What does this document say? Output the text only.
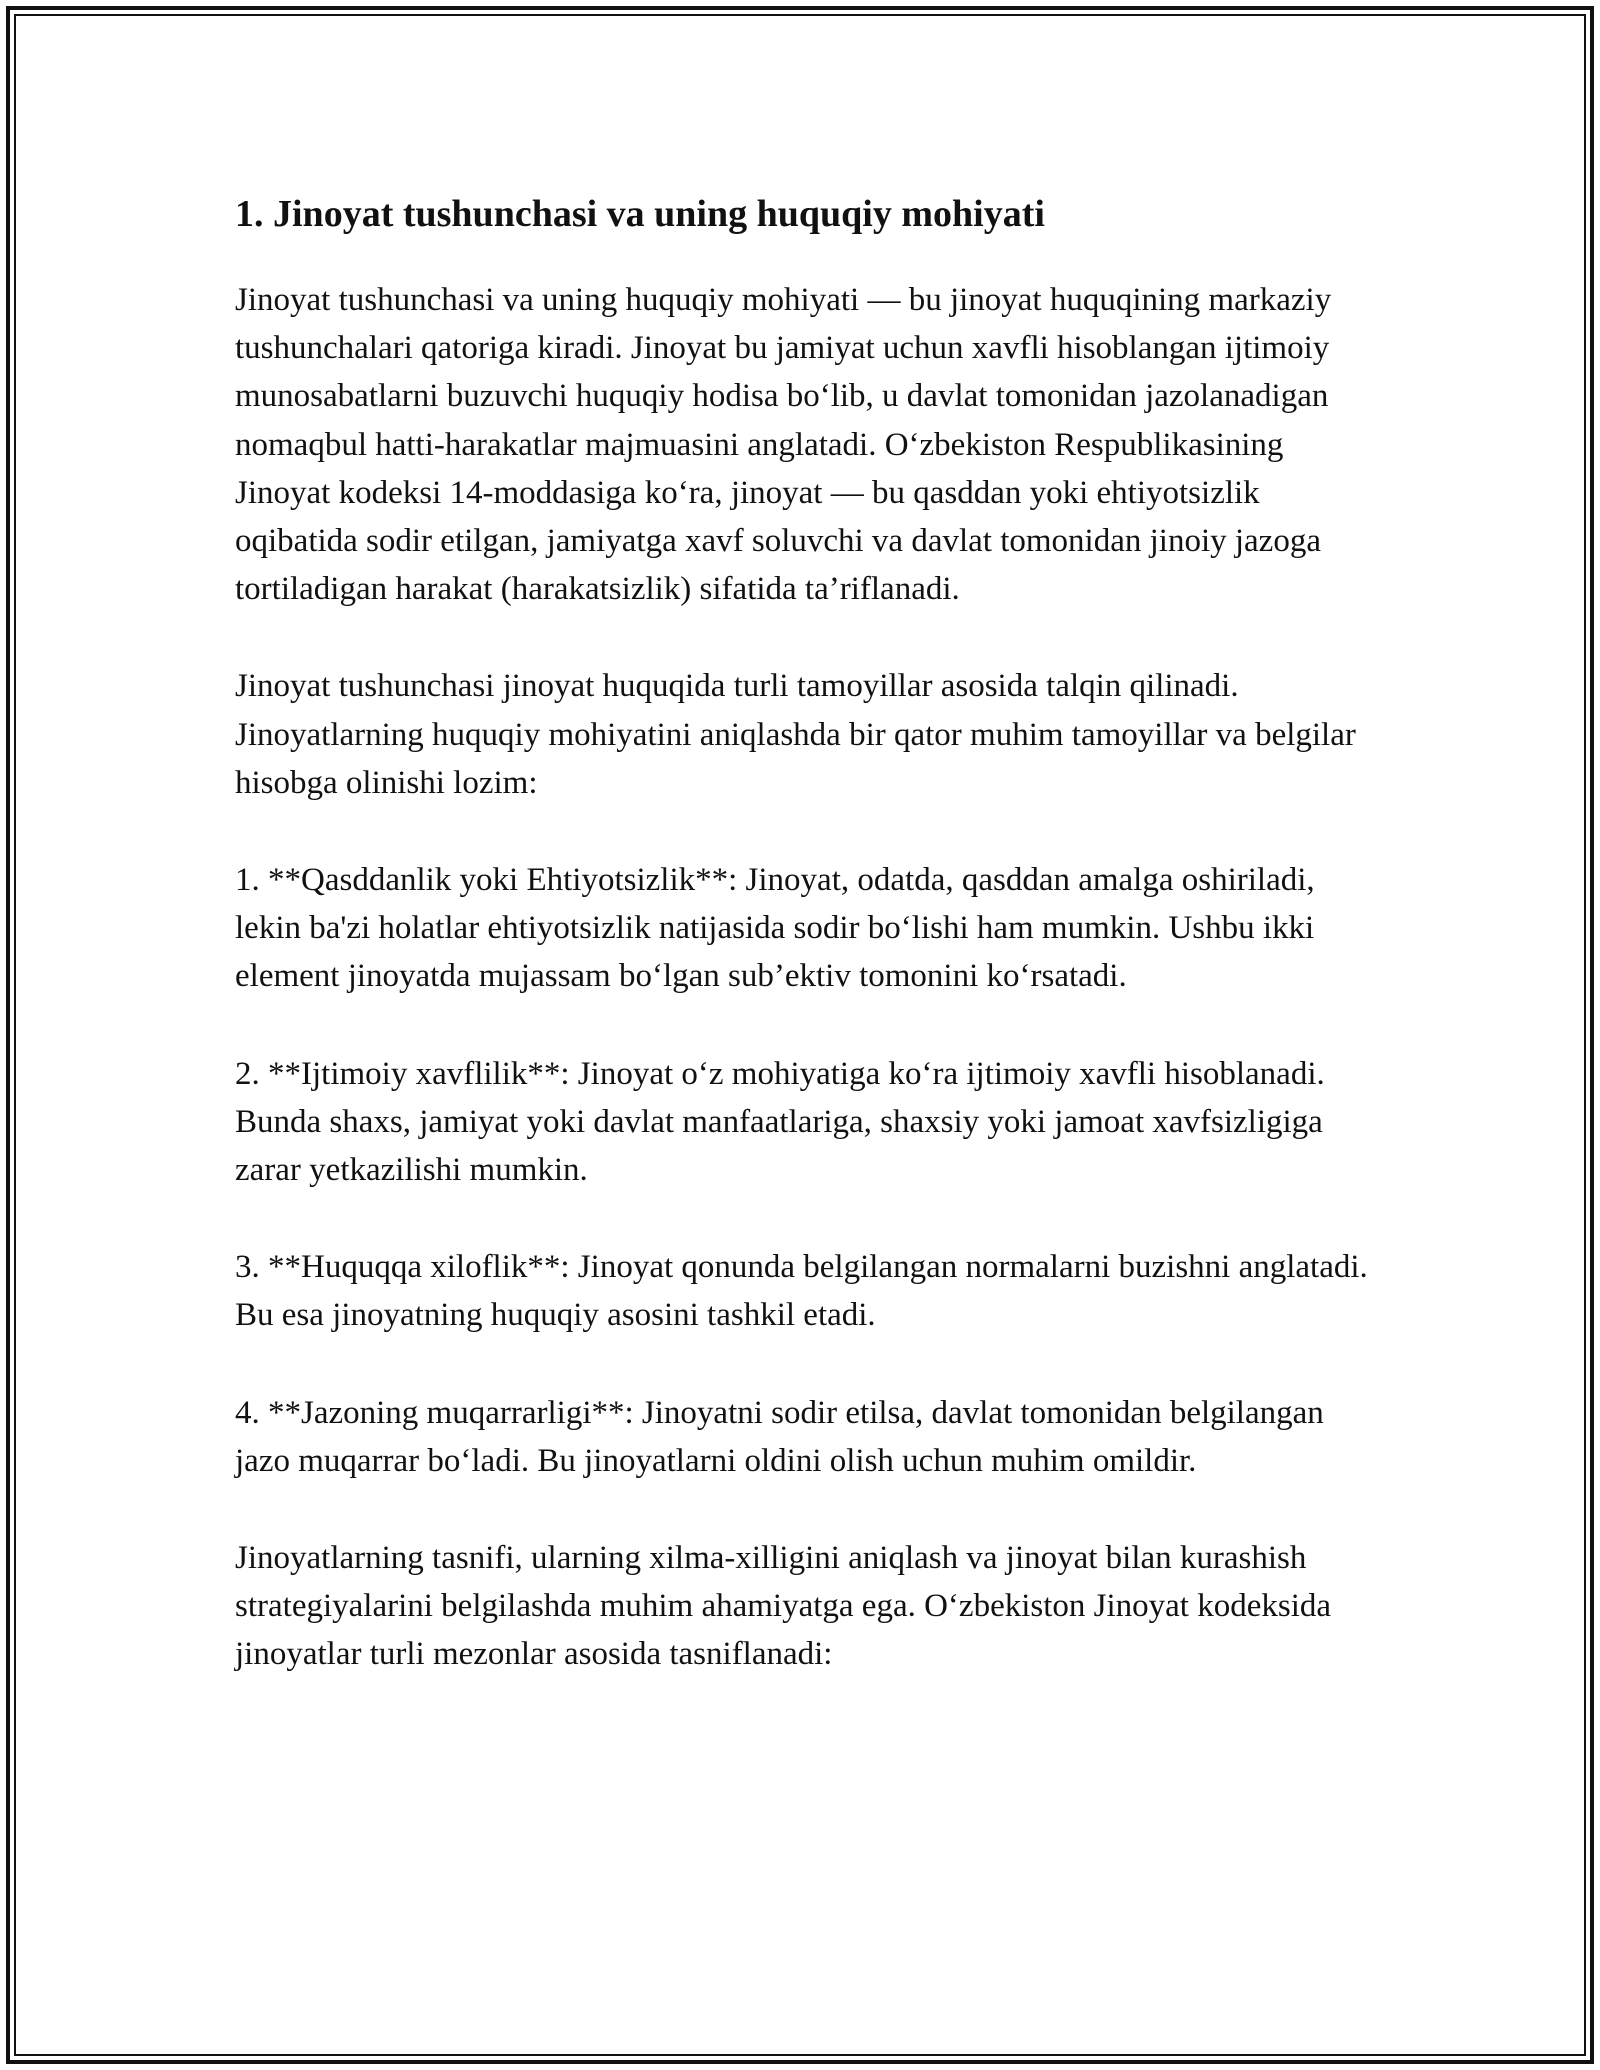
1. Jinoyat tushunchasi va uning huquqiy mohiyati

Jinoyat tushunchasi va uning huquqiy mohiyati — bu jinoyat huquqining markaziy tushunchalari qatoriga kiradi. Jinoyat bu jamiyat uchun xavfli hisoblangan ijtimoiy munosabatlarni buzuvchi huquqiy hodisa bo‘lib, u davlat tomonidan jazolanadigan nomaqbul hatti-harakatlar majmuasini anglatadi. O‘zbekiston Respublikasining Jinoyat kodeksi 14-moddasiga ko‘ra, jinoyat — bu qasddan yoki ehtiyotsizlik oqibatida sodir etilgan, jamiyatga xavf soluvchi va davlat tomonidan jinoiy jazoga tortiladigan harakat (harakatsizlik) sifatida ta’riflanadi.

Jinoyat tushunchasi jinoyat huquqida turli tamoyillar asosida talqin qilinadi. Jinoyatlarning huquqiy mohiyatini aniqlashda bir qator muhim tamoyillar va belgilar hisobga olinishi lozim:

1. **Qasddanlik yoki Ehtiyotsizlik**: Jinoyat, odatda, qasddan amalga oshiriladi, lekin ba'zi holatlar ehtiyotsizlik natijasida sodir bo‘lishi ham mumkin. Ushbu ikki element jinoyatda mujassam bo‘lgan sub’ektiv tomonini ko‘rsatadi.

2. **Ijtimoiy xavflilik**: Jinoyat o‘z mohiyatiga ko‘ra ijtimoiy xavfli hisoblanadi. Bunda shaxs, jamiyat yoki davlat manfaatlariga, shaxsiy yoki jamoat xavfsizligiga zarar yetkazilishi mumkin.

3. **Huquqqa xiloflik**: Jinoyat qonunda belgilangan normalarni buzishni anglatadi. Bu esa jinoyatning huquqiy asosini tashkil etadi.

4. **Jazoning muqarrarligi**: Jinoyatni sodir etilsa, davlat tomonidan belgilangan jazo muqarrar bo‘ladi. Bu jinoyatlarni oldini olish uchun muhim omildir.

Jinoyatlarning tasnifi, ularning xilma-xilligini aniqlash va jinoyat bilan kurashish strategiyalarini belgilashda muhim ahamiyatga ega. O‘zbekiston Jinoyat kodeksida jinoyatlar turli mezonlar asosida tasniflanadi:
